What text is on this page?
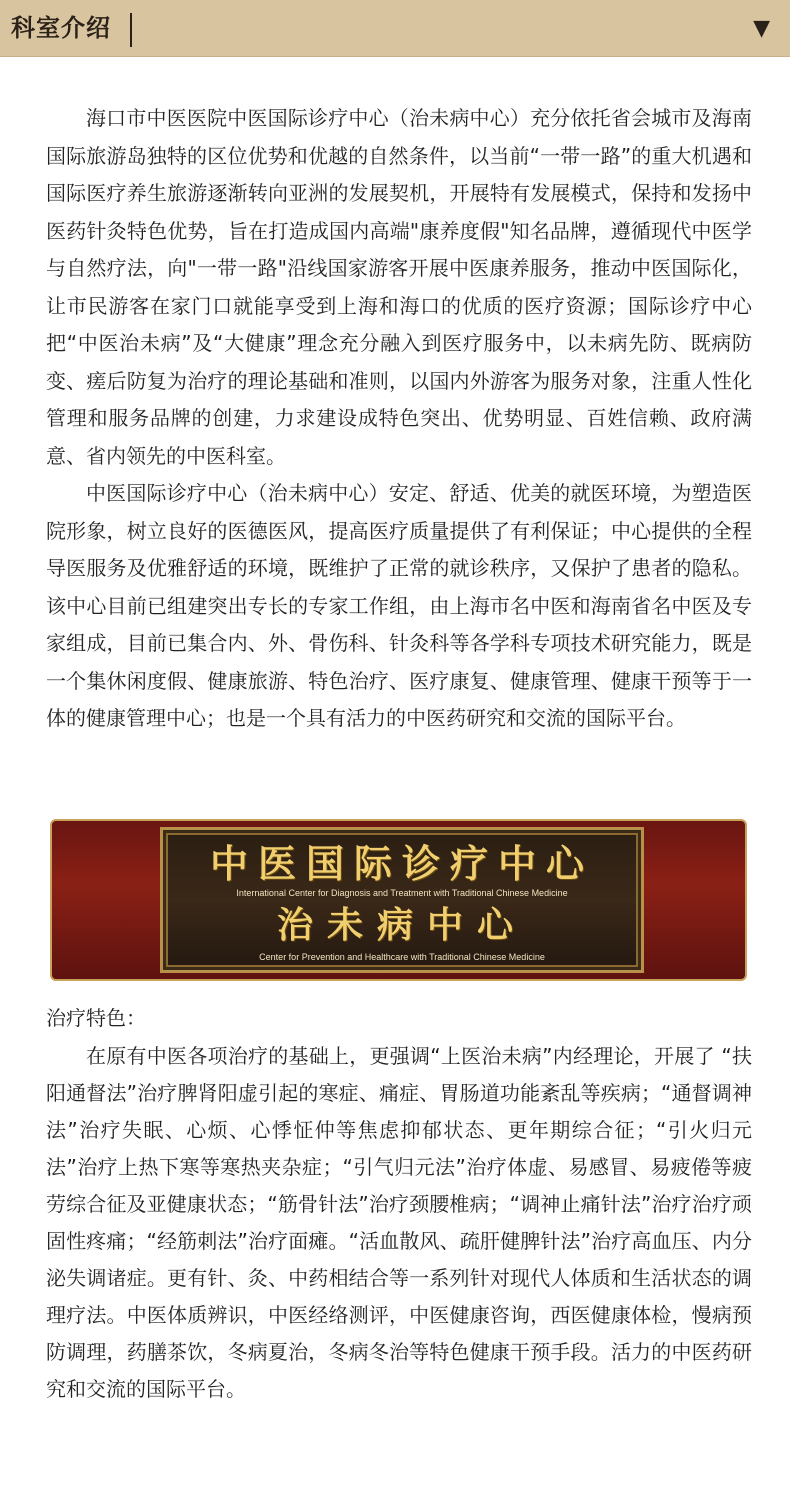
科室介绍	▼

海口市中医医院中医国际诊疗中心（治未病中心）充分依托省会城市及海南国际旅游岛独特的区位优势和优越的自然条件，以当前“一带一路”的重大机遇和国际医疗养生旅游逐渐转向亚洲的发展契机，开展特有发展模式，保持和发扬中医药针灸特色优势，旨在打造成国内高端"康养度假"知名品牌，遵循现代中医学与自然疗法，向"一带一路"沿线国家游客开展中医康养服务，推动中医国际化，让市民游客在家门口就能享受到上海和海口的优质的医疗资源；国际诊疗中心把“中医治未病”及“大健康”理念充分融入到医疗服务中，以未病先防、既病防变、瘥后防复为治疗的理论基础和准则，以国内外游客为服务对象，注重人性化管理和服务品牌的创建，力求建设成特色突出、优势明显、百姓信赖、政府满意、省内领先的中医科室。

中医国际诊疗中心（治未病中心）安定、舒适、优美的就医环境，为塑造医院形象，树立良好的医德医风，提高医疗质量提供了有利保证；中心提供的全程导医服务及优雅舒适的环境，既维护了正常的就诊秩序，又保护了患者的隐私。该中心目前已组建突出专长的专家工作组，由上海市名中医和海南省名中医及专家组成，目前已集合内、外、骨伤科、针灸科等各学科专项技术研究能力，既是一个集休闲度假、健康旅游、特色治疗、医疗康复、健康管理、健康干预等于一体的健康管理中心；也是一个具有活力的中医药研究和交流的国际平台。

中医国际诊疗中心
International Center for Diagnosis and Treatment with Traditional Chinese Medicine
治未病中心
Center for Prevention and Healthcare with Traditional Chinese Medicine
治疗特色：

在原有中医各项治疗的基础上，更强调“上医治未病”内经理论，开展了 “扶阳通督法”治疗脾肾阳虚引起的寒症、痛症、胃肠道功能紊乱等疾病；“通督调神法”治疗失眠、心烦、心悸怔仲等焦虑抑郁状态、更年期综合征；“引火归元法”治疗上热下寒等寒热夹杂症；“引气归元法”治疗体虚、易感冒、易疲倦等疲劳综合征及亚健康状态；“筋骨针法”治疗颈腰椎病；“调神止痛针法”治疗治疗顽固性疼痛；“经筋刺法”治疗面瘫。“活血散风、疏肝健脾针法”治疗高血压、内分泌失调诸症。更有针、灸、中药相结合等一系列针对现代人体质和生活状态的调理疗法。中医体质辨识，中医经络测评，中医健康咨询，西医健康体检，慢病预防调理，药膳茶饮，冬病夏治，冬病冬治等特色健康干预手段。活力的中医药研究和交流的国际平台。
